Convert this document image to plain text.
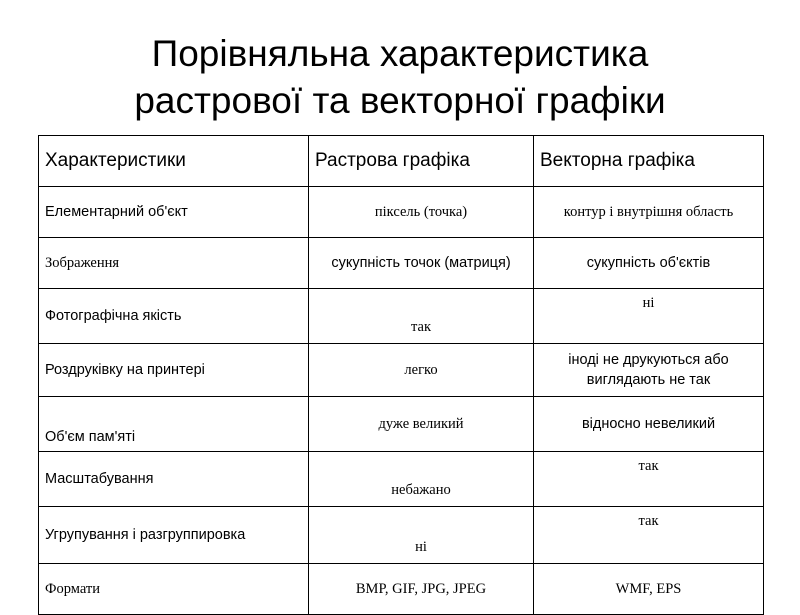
Порівняльна характеристика
растрової та векторної графіки
Характеристики	Растрова графіка	Векторна графіка
Елементарний об'єкт	піксель (точка)	контур і внутрішня область
Зображення	сукупність точок (матриця)	сукупність об'єктів
Фотографічна якість	так	ні
Роздруківку на принтері	легко	іноді не друкуються або виглядають не так
Об'єм пам'яті	дуже великий	відносно невеликий
Масштабування	небажано	так
Угрупування і разгруппировка	ні	так
Формати	BMP, GIF, JPG, JPEG	WMF, EPS
